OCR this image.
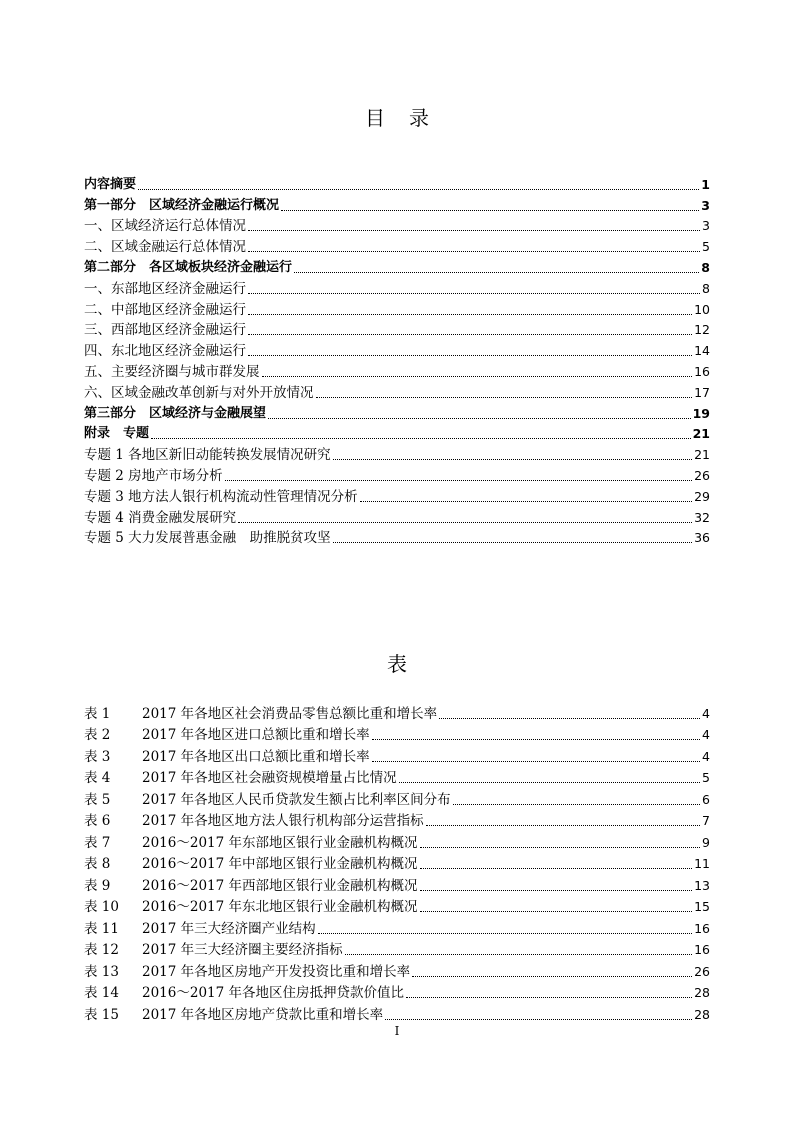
目 录
内容摘要	1
第一部分　区域经济金融运行概况	3
一、区域经济运行总体情况	3
二、区域金融运行总体情况	5
第二部分　各区域板块经济金融运行	8
一、东部地区经济金融运行	8
二、中部地区经济金融运行	10
三、西部地区经济金融运行	12
四、东北地区经济金融运行	14
五、主要经济圈与城市群发展	16
六、区域金融改革创新与对外开放情况	17
第三部分　区域经济与金融展望	19
附录　专题	21
专题 1 各地区新旧动能转换发展情况研究	21
专题 2 房地产市场分析	26
专题 3 地方法人银行机构流动性管理情况分析	29
专题 4 消费金融发展研究	32
专题 5 大力发展普惠金融　助推脱贫攻坚	36
表
表 1 2017 年各地区社会消费品零售总额比重和增长率	4
表 2 2017 年各地区进口总额比重和增长率	4
表 3 2017 年各地区出口总额比重和增长率	4
表 4 2017 年各地区社会融资规模增量占比情况	5
表 5 2017 年各地区人民币贷款发生额占比利率区间分布	6
表 6 2017 年各地区地方法人银行机构部分运营指标	7
表 7 2016～2017 年东部地区银行业金融机构概况	9
表 8 2016～2017 年中部地区银行业金融机构概况	11
表 9 2016～2017 年西部地区银行业金融机构概况	13
表 10 2016～2017 年东北地区银行业金融机构概况	15
表 11 2017 年三大经济圈产业结构	16
表 12 2017 年三大经济圈主要经济指标	16
表 13 2017 年各地区房地产开发投资比重和增长率	26
表 14 2016～2017 年各地区住房抵押贷款价值比	28
表 15 2017 年各地区房地产贷款比重和增长率	28
I
